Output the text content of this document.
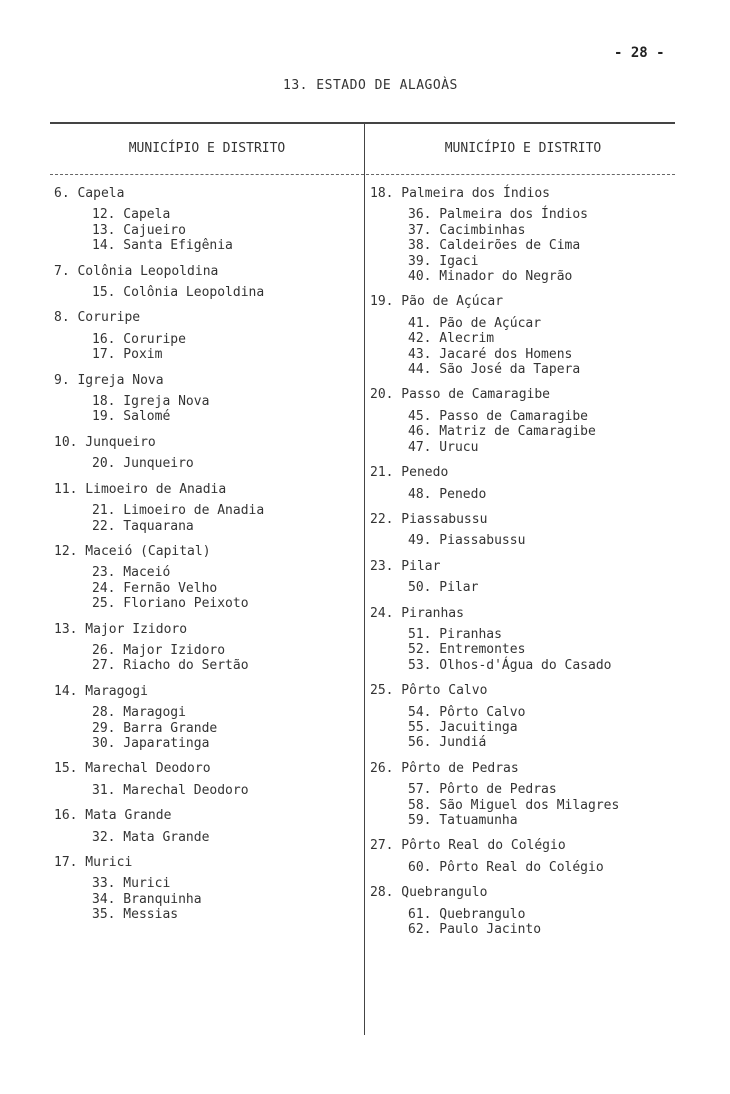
- 28 -
13. ESTADO DE ALAGOÀS
MUNICÍPIO E DISTRITO	MUNICÍPIO E DISTRITO
6. Capela
12. Capela
13. Cajueiro
14. Santa Efigênia
7. Colônia Leopoldina
15. Colônia Leopoldina
8. Coruripe
16. Coruripe
17. Poxim
9. Igreja Nova
18. Igreja Nova
19. Salomé
10. Junqueiro
20. Junqueiro
11. Limoeiro de Anadia
21. Limoeiro de Anadia
22. Taquarana
12. Maceió (Capital)
23. Maceió
24. Fernão Velho
25. Floriano Peixoto
13. Major Izidoro
26. Major Izidoro
27. Riacho do Sertão
14. Maragogi
28. Maragogi
29. Barra Grande
30. Japaratinga
15. Marechal Deodoro
31. Marechal Deodoro
16. Mata Grande
32. Mata Grande
17. Murici
33. Murici
34. Branquinha
35. Messias
18. Palmeira dos Índios
36. Palmeira dos Índios
37. Cacimbinhas
38. Caldeirões de Cima
39. Igaci
40. Minador do Negrão
19. Pão de Açúcar
41. Pão de Açúcar
42. Alecrim
43. Jacaré dos Homens
44. São José da Tapera
20. Passo de Camaragibe
45. Passo de Camaragibe
46. Matriz de Camaragibe
47. Urucu
21. Penedo
48. Penedo
22. Piassabussu
49. Piassabussu
23. Pilar
50. Pilar
24. Piranhas
51. Piranhas
52. Entremontes
53. Olhos-d'Água do Casado
25. Pôrto Calvo
54. Pôrto Calvo
55. Jacuitinga
56. Jundiá
26. Pôrto de Pedras
57. Pôrto de Pedras
58. São Miguel dos Milagres
59. Tatuamunha
27. Pôrto Real do Colégio
60. Pôrto Real do Colégio
28. Quebrangulo
61. Quebrangulo
62. Paulo Jacinto
